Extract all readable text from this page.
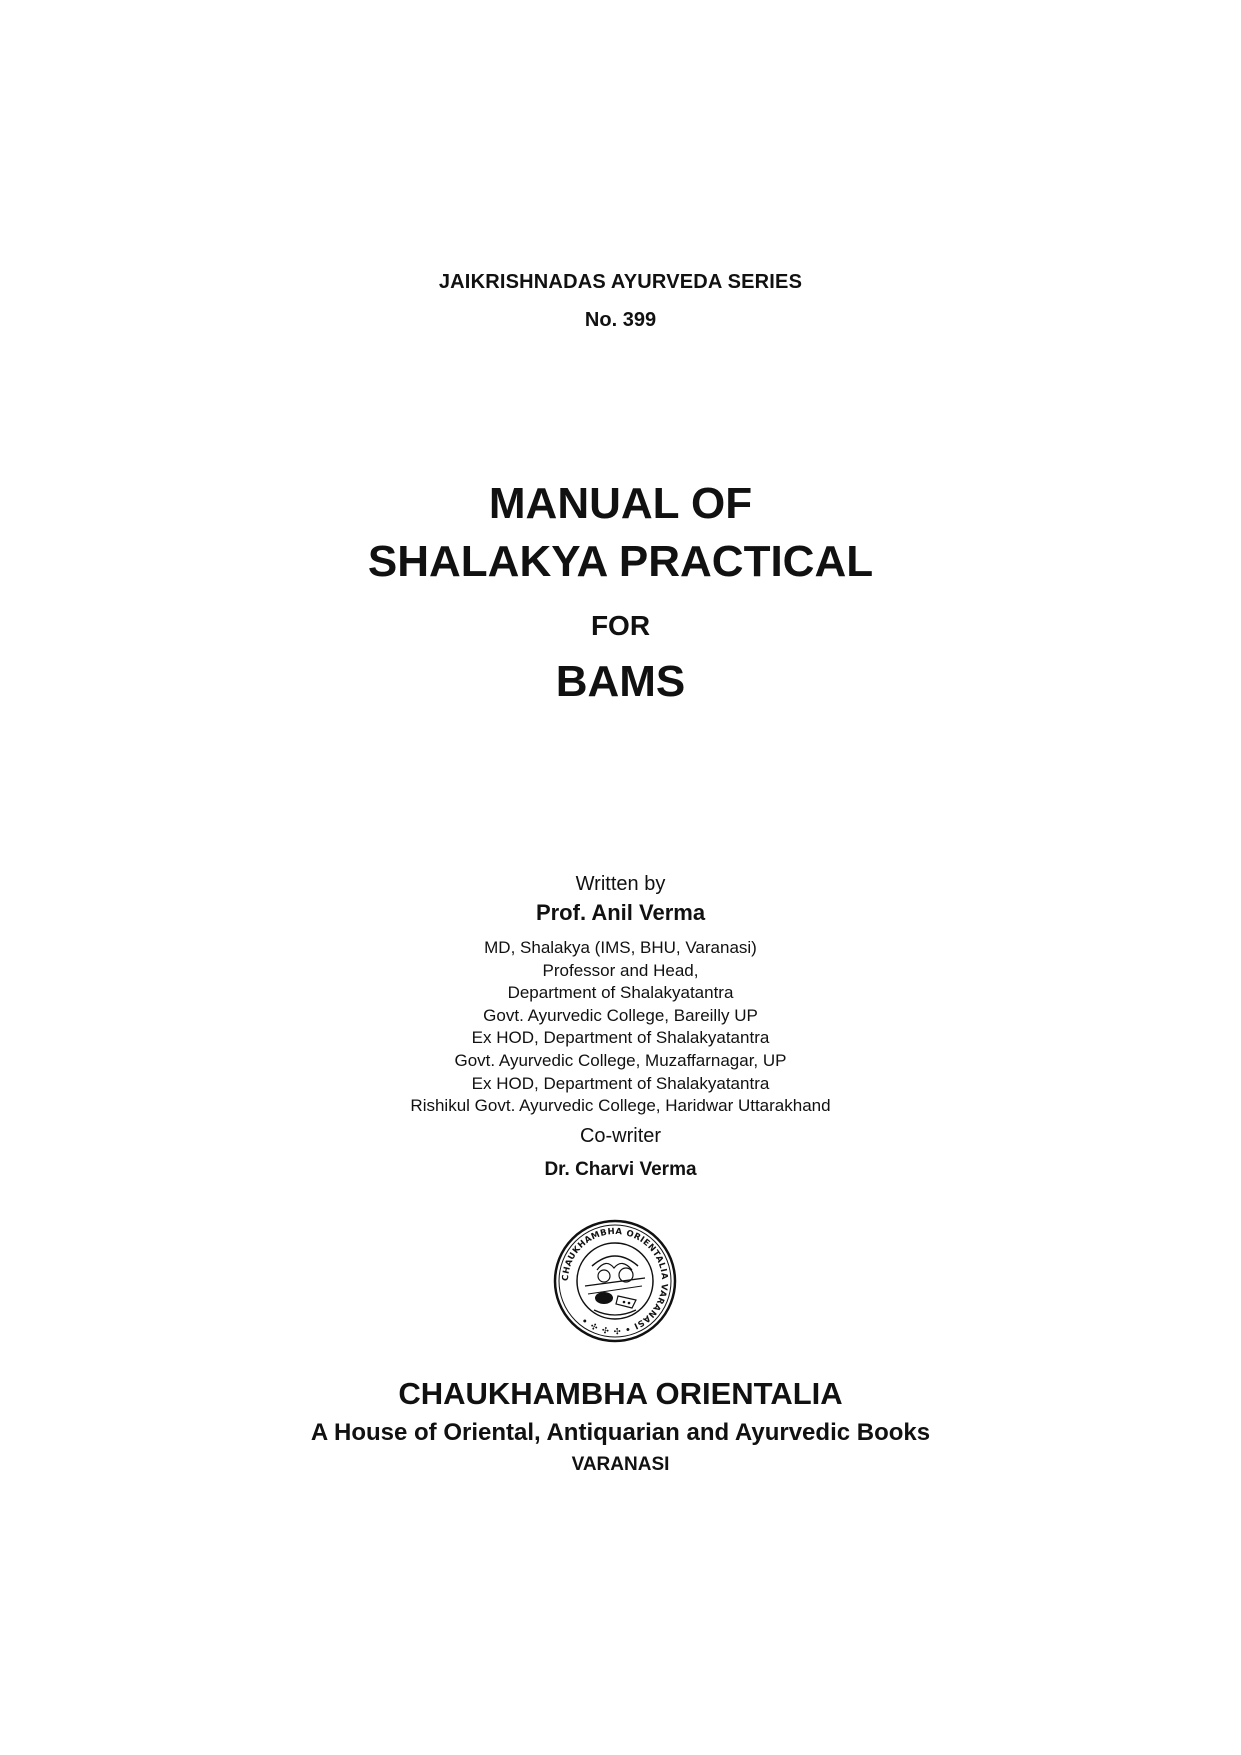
JAIKRISHNADAS AYURVEDA SERIES
No. 399
MANUAL OF
SHALAKYA PRACTICAL
FOR
BAMS
Written by
Prof. Anil Verma
MD, Shalakya (IMS, BHU, Varanasi)
Professor and Head,
Department of Shalakyatantra
Govt. Ayurvedic College, Bareilly UP
Ex HOD, Department of Shalakyatantra
Govt. Ayurvedic College, Muzaffarnagar, UP
Ex HOD, Department of Shalakyatantra
Rishikul Govt. Ayurvedic College, Haridwar Uttarakhand
Co-writer
Dr. Charvi Verma
CHAUKHAMBHA ORIENTALIA VARANASI • ✣ ✣ ✣ •
CHAUKHAMBHA ORIENTALIA
A House of Oriental, Antiquarian and Ayurvedic Books
VARANASI
